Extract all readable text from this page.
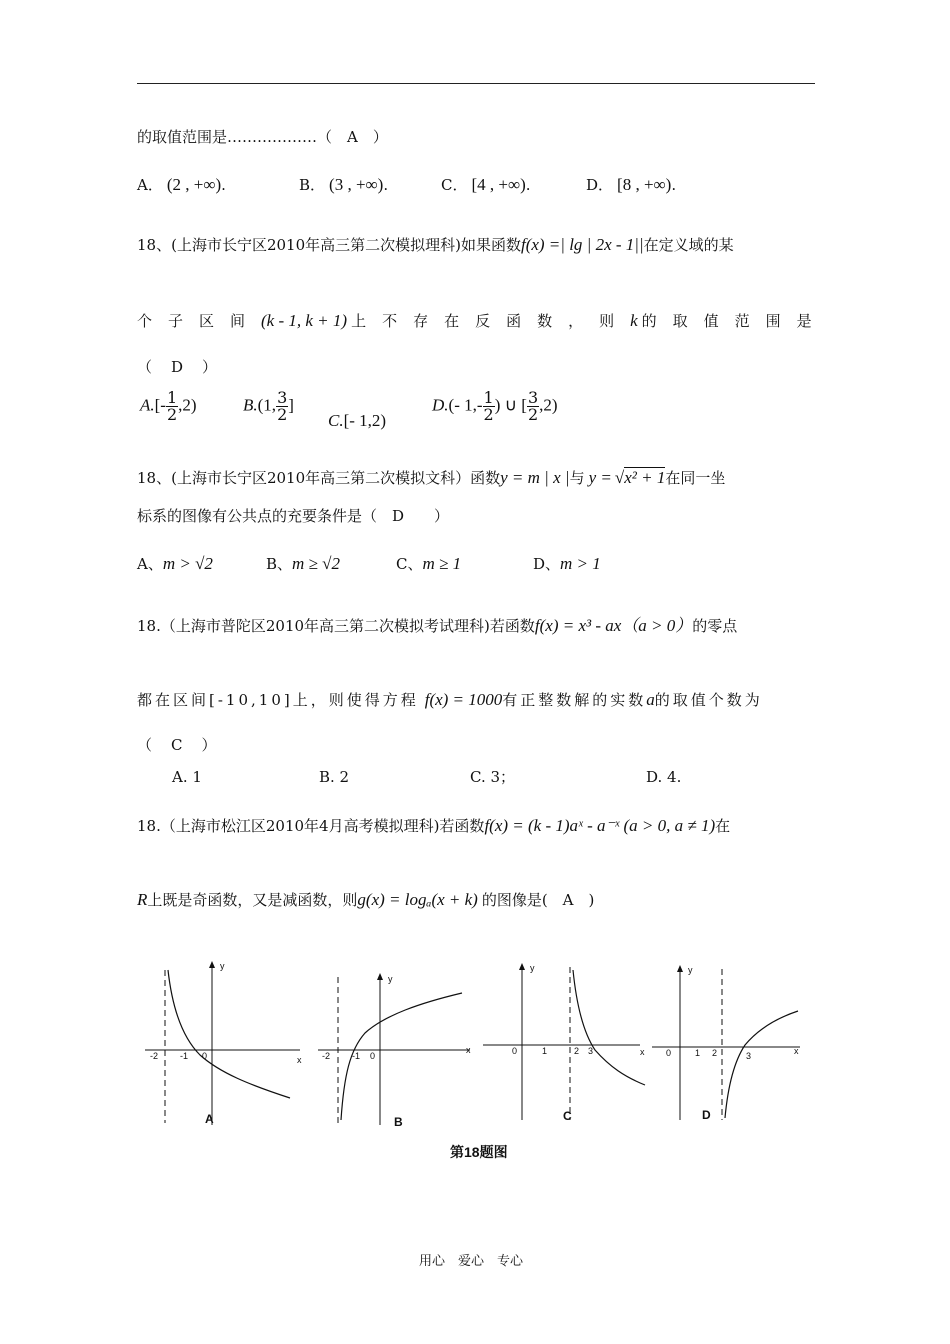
的取值范围是………………（　A　）
A． (2 , +∞).	B． (3 , +∞).	C． [4 , +∞).	D． [8 , +∞).
18、(上海市长宁区2010年高三第二次模拟理科)如果函数f(x) =| lg | 2x - 1||在定义域的某
个子区间(k - 1, k + 1) 上不存在反函数，则k 的取值范围是
（　D　）
$A.[- \frac{1}{2} ,2)$	B.(1, $\frac{3}{2}$ ]
C.[- 1,2)
D.(- $1,- \frac{1}{2}$ ) ∪ [ $\frac{3}{2} ,2$)
18、(上海市长宁区2010年高三第二次模拟文科）函数y = m | x |与 y = √x² + 1在同一坐
标系的图像有公共点的充要条件是（　D　　）
A、m > √2	B、m ≥ √2	C、m ≥ 1	D、m > 1
18.（上海市普陀区2010年高三第二次模拟考试理科)若函数f(x) = x³ - ax（a > 0）的零点
都在区间[-10,10]上，则使得方程 f(x) = 1000有正整数解的实数a的取值个数为
（　C　）
A. 1	B. 2	C. 3；	D. 4.
18.（上海市松江区2010年4月高考模拟理科)若函数f(x) = (k - 1)aˣ - a⁻ˣ (a > 0, a ≠ 1)在
R上既是奇函数，又是减函数，则g(x) = logₐ(x + k) 的图像是(　A　)
x
y
-2 -1 0
x
y
-2 -1 0	x
y
0	1	2 3	x
y
0	1 2	3
A	B	C	D
第18题图
用心　爱心　专心
